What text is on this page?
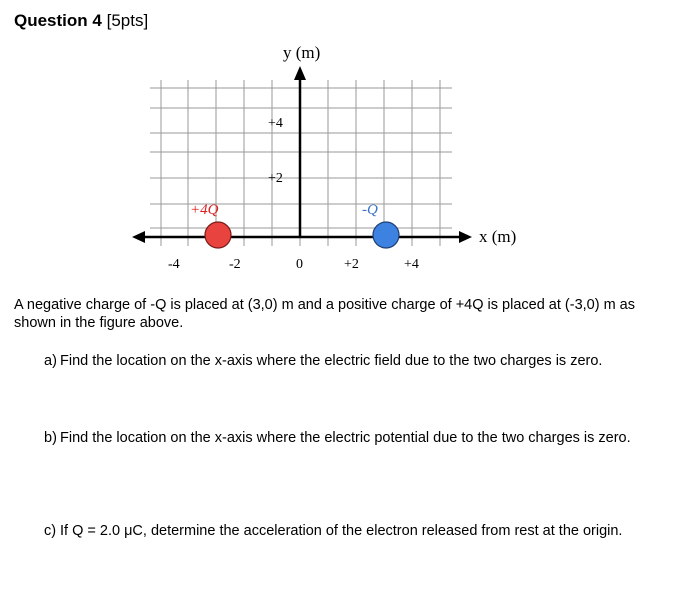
Question 4 [5pts]
y (m)
x (m)
+4
+2
-4	-2	0	+2	+4
+4Q	-Q
A negative charge of -Q is placed at (3,0) m and a positive charge of +4Q is placed at (-3,0) m as shown in the figure above.
a) Find the location on the x-axis where the electric field due to the two charges is zero.
b) Find the location on the x-axis where the electric potential due to the two charges is zero.
c) If Q = 2.0 μC, determine the acceleration of the electron released from rest at the origin.
